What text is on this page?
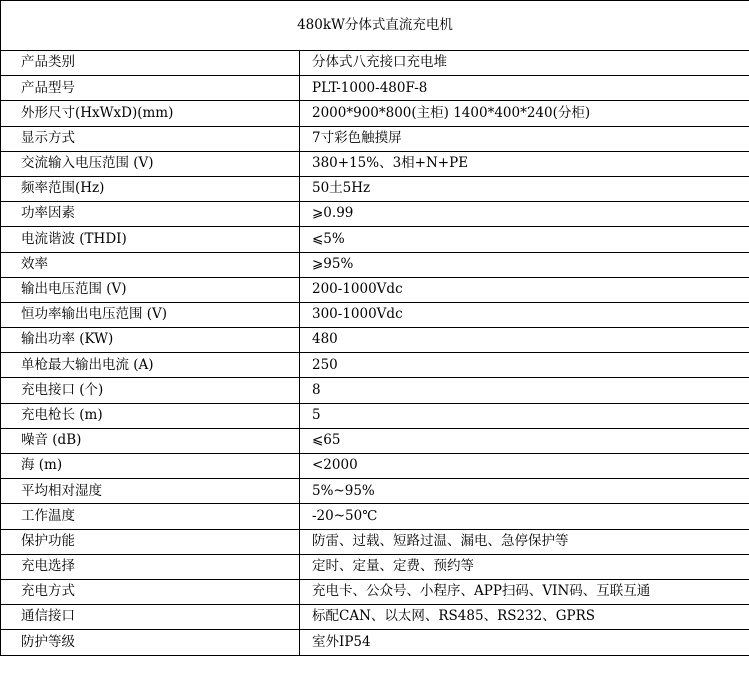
480kW分体式直流充电机	
产品类别	分体式八充接口充电堆
产品型号	PLT-1000-480F-8
外形尺寸(HxWxD)(mm)	2000*900*800(主柜) 1400*400*240(分柜)
显示方式	7寸彩色触摸屏
交流输入电压范围 (V)	380+15%、3相+N+PE
频率范围(Hz)	50土5Hz
功率因素	⩾0.99
电流谐波 (THDI)	⩽5%
效率	⩾95%
输出电压范围 (V)	200-1000Vdc
恒功率输出电压范围 (V)	300-1000Vdc
输出功率 (KW)	480
单枪最大输出电流 (A)	250
充电接口 (个)	8
充电枪长 (m)	5
噪音 (dB)	⩽65
海 (m)	<2000
平均相对湿度	5%~95%
工作温度	-20~50℃
保护功能	防雷、过载、短路过温、漏电、急停保护等
充电选择	定时、定量、定费、预约等
充电方式	充电卡、公众号、小程序、APP扫码、VIN码、互联互通
通信接口	标配CAN、以太网、RS485、RS232、GPRS
防护等级	室外IP54
